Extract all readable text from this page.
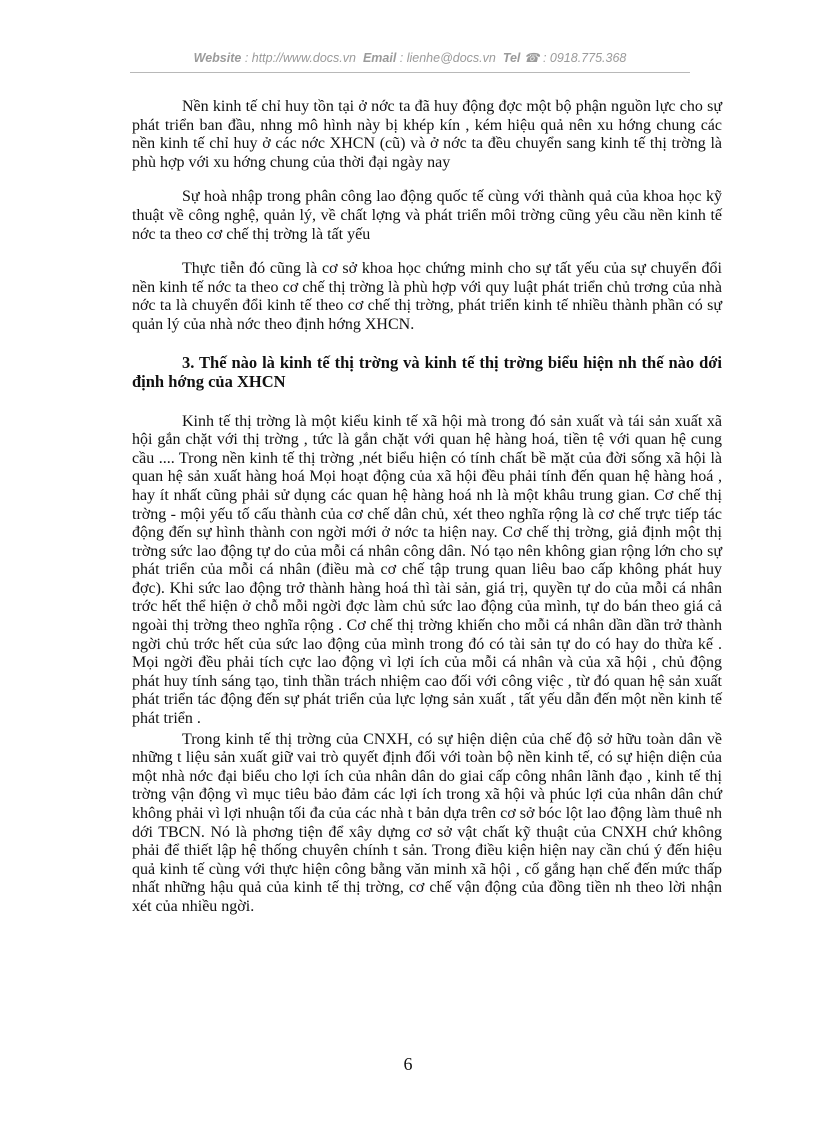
Website : http://www.docs.vn Email : lienhe@docs.vn Tel ☎ : 0918.775.368

Nền kinh tế chỉ huy tồn tại ở nớc ta đã huy động đợc một bộ phận nguồn lực cho sự phát triển ban đầu, nhng mô hình này bị khép kín , kém hiệu quả nên xu hớng chung các nền kinh tế chỉ huy ở các nớc XHCN (cũ) và ở nớc ta đều chuyển sang kinh tế thị trờng là phù hợp với xu hớng chung của thời đại ngày nay

Sự hoà nhập trong phân công lao động quốc tế cùng với thành quả của khoa học kỹ thuật về công nghệ, quản lý, về chất lợng và phát triển môi trờng cũng yêu cầu nền kinh tế nớc ta theo cơ chế thị trờng là tất yếu

Thực tiễn đó cũng là cơ sở khoa học chứng minh cho sự tất yếu của sự chuyển đổi nền kinh tế nớc ta theo cơ chế thị trờng là phù hợp với quy luật phát triển chủ trơng của nhà nớc ta là chuyển đổi kinh tế theo cơ chế thị trờng, phát triển kinh tế nhiều thành phần có sự quản lý của nhà nớc theo định hớng XHCN.

3. Thế nào là kinh tế thị trờng và kinh tế thị trờng biểu hiện nh thế nào dới định hớng của XHCN

Kinh tế thị trờng là một kiểu kinh tế xã hội mà trong đó sản xuất và tái sản xuất xã hội gắn chặt với thị trờng , tức là gắn chặt với quan hệ hàng hoá, tiền tệ với quan hệ cung cầu .... Trong nền kinh tế thị trờng ,nét biểu hiện có tính chất bề mặt của đời sống xã hội là quan hệ sản xuất hàng hoá Mọi hoạt động của xã hội đều phải tính đến quan hệ hàng hoá , hay ít nhất cũng phải sử dụng các quan hệ hàng hoá nh là một khâu trung gian. Cơ chế thị trờng - mội yếu tố cấu thành của cơ chế dân chủ, xét theo nghĩa rộng là cơ chế trực tiếp tác động đến sự hình thành con ngời mới ở nớc ta hiện nay. Cơ chế thị trờng, giả định một thị trờng sức lao động tự do của mỗi cá nhân công dân. Nó tạo nên không gian rộng lớn cho sự phát triển của mỗi cá nhân (điều mà cơ chế tập trung quan liêu bao cấp không phát huy đợc). Khi sức lao động trở thành hàng hoá thì tài sản, giá trị, quyền tự do của mỗi cá nhân trớc hết thể hiện ở chỗ mỗi ngời đợc làm chủ sức lao động của mình, tự do bán theo giá cả ngoài thị trờng theo nghĩa rộng . Cơ chế thị trờng khiến cho mỗi cá nhân dần dần trở thành ngời chủ trớc hết của sức lao động của mình trong đó có tài sản tự do có hay do thừa kế . Mọi ngời đều phải tích cực lao động vì lợi ích của mỗi cá nhân và của xã hội , chủ động phát huy tính sáng tạo, tinh thần trách nhiệm cao đối với công việc , từ đó quan hệ sản xuất phát triển tác động đến sự phát triển của lực lợng sản xuất , tất yếu dẫn đến một nền kinh tế phát triển .

Trong kinh tế thị trờng của CNXH, có sự hiện diện của chế độ sở hữu toàn dân về những t liệu sản xuất giữ vai trò quyết định đối với toàn bộ nền kinh tế, có sự hiện diện của một nhà nớc đại biểu cho lợi ích của nhân dân do giai cấp công nhân lãnh đạo , kinh tế thị trờng vận động vì mục tiêu bảo đảm các lợi ích trong xã hội và phúc lợi của nhân dân chứ không phải vì lợi nhuận tối đa của các nhà t bản dựa trên cơ sở bóc lột lao động làm thuê nh dới TBCN. Nó là phơng tiện để xây dựng cơ sở vật chất kỹ thuật của CNXH chứ không phải để thiết lập hệ thống chuyên chính t sản. Trong điều kiện hiện nay cần chú ý đến hiệu quả kinh tế cùng với thực hiện công bằng văn minh xã hội , cố gắng hạn chế đến mức thấp nhất những hậu quả của kinh tế thị trờng, cơ chế vận động của đồng tiền nh theo lời nhận xét của nhiều ngời.

6
